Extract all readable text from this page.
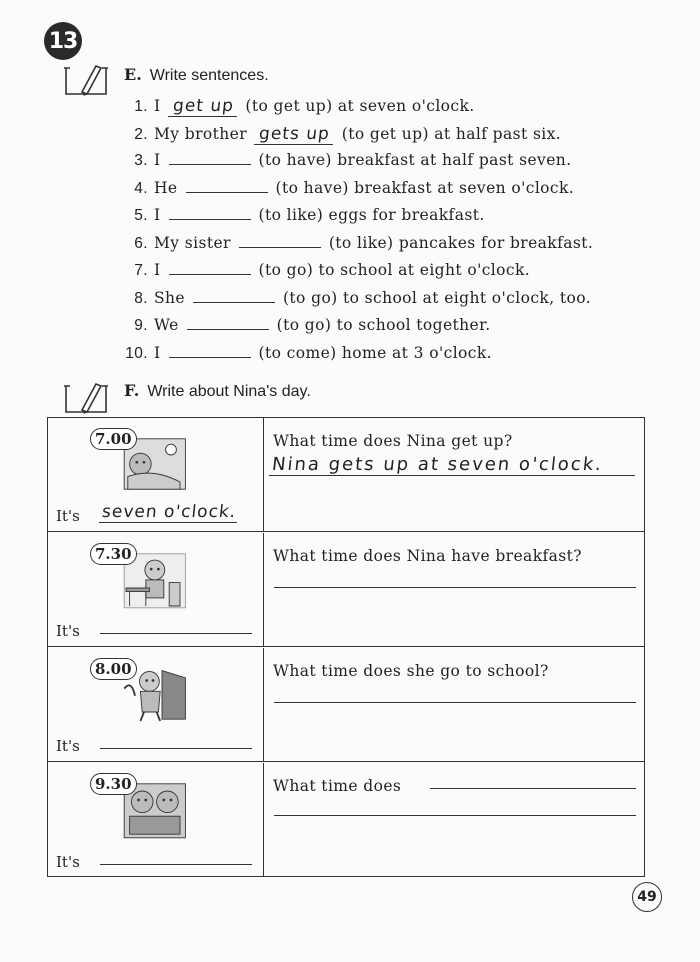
13
E. Write sentences.
1. I get up (to get up) at seven o'clock.
2. My brother gets up (to get up) at half past six.
3. I	(to have) breakfast at half past seven.
4. He	(to have) breakfast at seven o'clock.
5. I	(to like) eggs for breakfast.
6. My sister	(to like) pancakes for breakfast.
7. I	(to go) to school at eight o'clock.
8. She	(to go) to school at eight o'clock, too.
9. We	(to go) to school together.
10. I	(to come) home at 3 o'clock.
F. Write about Nina's day.
7.00
It's seven o'clock.
What time does Nina get up?
Nina gets up at seven o'clock.
7.30
It's
What time does Nina have breakfast?
8.00
It's
What time does she go to school?
9.30
It's
What time does
49
